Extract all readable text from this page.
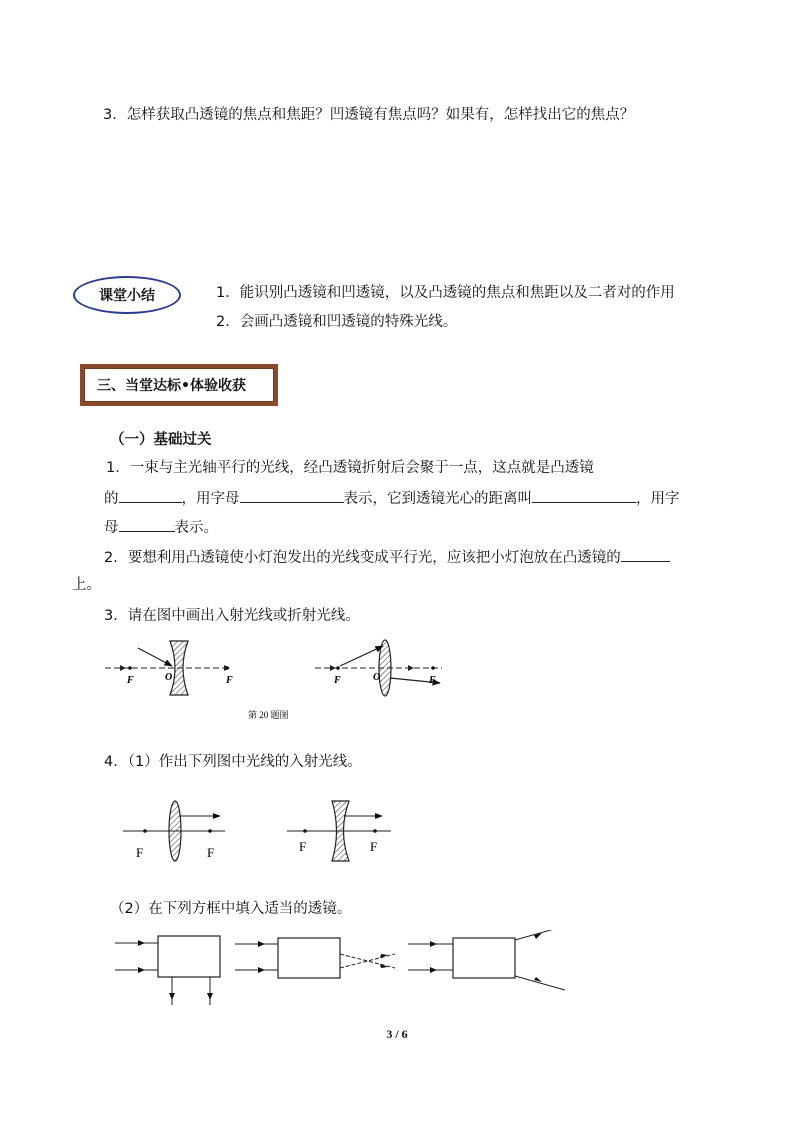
3．怎样获取凸透镜的焦点和焦距？凹透镜有焦点吗？如果有，怎样找出它的焦点？
课堂小结	1．能识别凸透镜和凹透镜，以及凸透镜的焦点和焦距以及二者对的作用
2．会画凸透镜和凹透镜的特殊光线。
三、当堂达标•体验收获
（一）基础过关
1．一束与主光轴平行的光线，经凸透镜折射后会聚于一点，这点就是凸透镜
的	，用字母	表示，它到透镜光心的距离叫	，用字
母	表示。
2．要想利用凸透镜使小灯泡发出的光线变成平行光，应该把小灯泡放在凸透镜的
上。
3．请在图中画出入射光线或折射光线。
F	O	F	F	O	F
第 20 题图
4．（1）作出下列图中光线的入射光线。
F	F	F	F
（2）在下列方框中填入适当的透镜。
3 / 6
